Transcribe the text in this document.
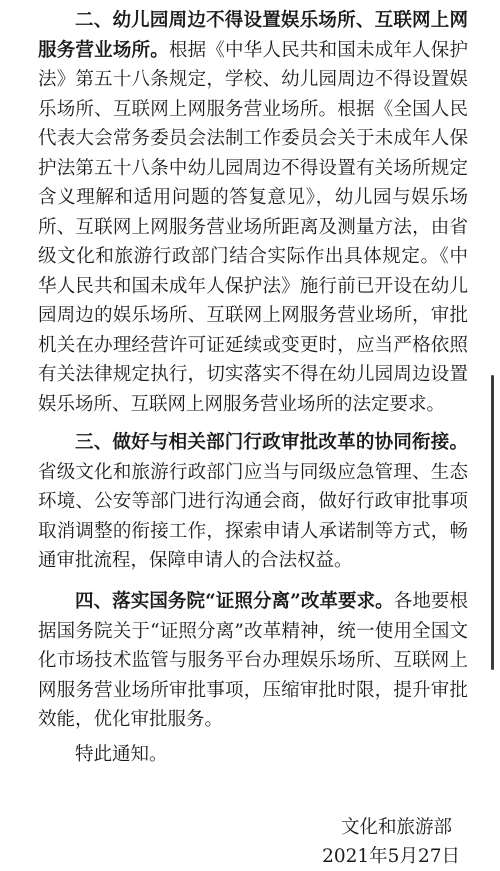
二、幼儿园周边不得设置娱乐场所、互联网上网服务营业场所。根据《中华人民共和国未成年人保护法》第五十八条规定，学校、幼儿园周边不得设置娱乐场所、互联网上网服务营业场所。根据《全国人民代表大会常务委员会法制工作委员会关于未成年人保护法第五十八条中幼儿园周边不得设置有关场所规定含义理解和适用问题的答复意见》，幼儿园与娱乐场所、互联网上网服务营业场所距离及测量方法，由省级文化和旅游行政部门结合实际作出具体规定。《中华人民共和国未成年人保护法》施行前已开设在幼儿园周边的娱乐场所、互联网上网服务营业场所，审批机关在办理经营许可证延续或变更时，应当严格依照有关法律规定执行，切实落实不得在幼儿园周边设置娱乐场所、互联网上网服务营业场所的法定要求。

三、做好与相关部门行政审批改革的协同衔接。省级文化和旅游行政部门应当与同级应急管理、生态环境、公安等部门进行沟通会商，做好行政审批事项取消调整的衔接工作，探索申请人承诺制等方式，畅通审批流程，保障申请人的合法权益。

四、落实国务院“证照分离”改革要求。各地要根据国务院关于“证照分离”改革精神，统一使用全国文化市场技术监管与服务平台办理娱乐场所、互联网上网服务营业场所审批事项，压缩审批时限，提升审批效能，优化审批服务。

特此通知。

文化和旅游部

2021年5月27日
